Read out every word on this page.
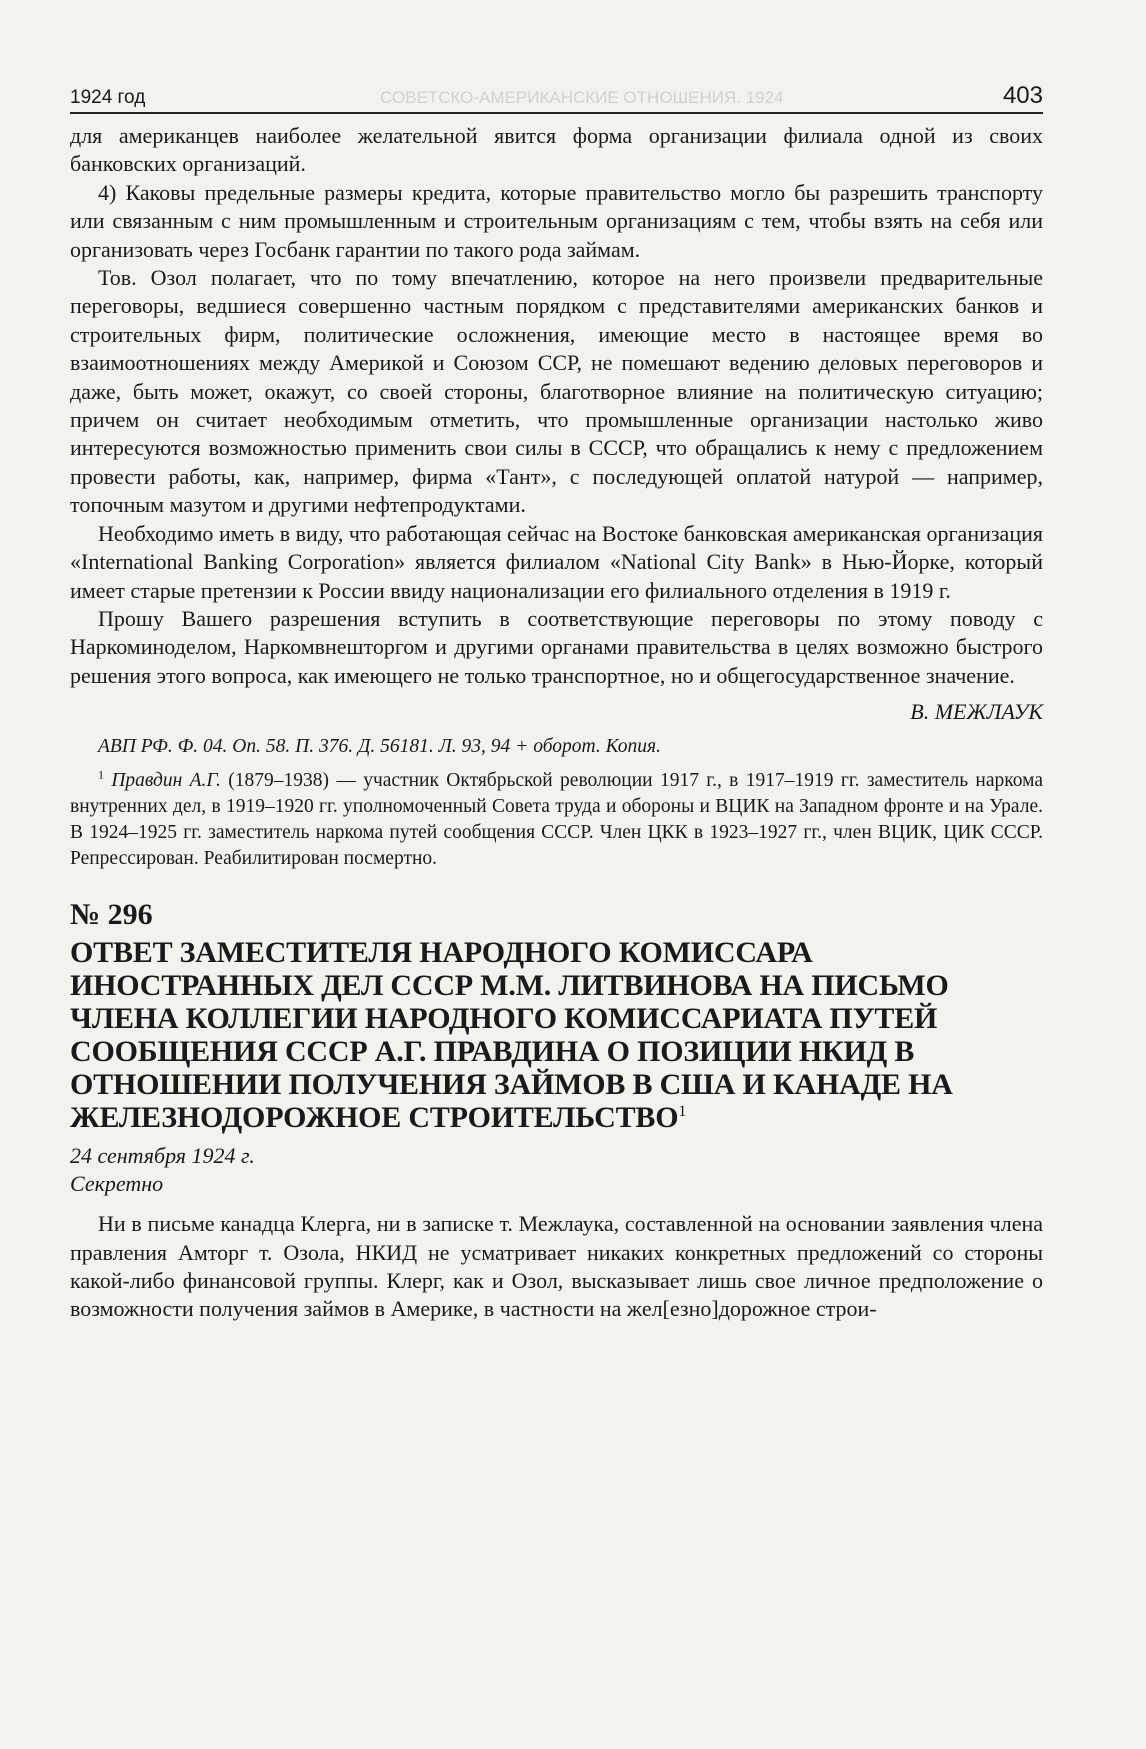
СОВЕТСКО-АМЕРИКАНСКИЕ ОТНОШЕНИЯ. 1924
1924 год	403

для американцев наиболее желательной явится форма организации филиала одной из своих банковских организаций.

4) Каковы предельные размеры кредита, которые правительство могло бы разрешить транспорту или связанным с ним промышленным и строительным организациям с тем, чтобы взять на себя или организовать через Госбанк гарантии по такого рода займам.

Тов. Озол полагает, что по тому впечатлению, которое на него произвели предварительные переговоры, ведшиеся совершенно частным порядком с представителями американских банков и строительных фирм, политические осложнения, имеющие место в настоящее время во взаимоотношениях между Америкой и Союзом ССР, не помешают ведению деловых переговоров и даже, быть может, окажут, со своей стороны, благотворное влияние на политическую ситуацию; причем он считает необходимым отметить, что промышленные организации настолько живо интересуются возможностью применить свои силы в СССР, что обращались к нему с предложением провести работы, как, например, фирма «Тант», с последующей оплатой натурой — например, топочным мазутом и другими нефтепродуктами.

Необходимо иметь в виду, что работающая сейчас на Востоке банковская американская организация «International Banking Corporation» является филиалом «National City Bank» в Нью-Йорке, который имеет старые претензии к России ввиду национализации его филиального отделения в 1919 г.

Прошу Вашего разрешения вступить в соответствующие переговоры по этому поводу с Наркоминоделом, Наркомвнешторгом и другими органами правительства в целях возможно быстрого решения этого вопроса, как имеющего не только транспортное, но и общегосударственное значение.

В. МЕЖЛАУК
АВП РФ. Ф. 04. Оп. 58. П. 376. Д. 56181. Л. 93, 94 + оборот. Копия.
$^1$ Правдин А.Г. (1879–1938) — участник Октябрьской революции 1917 г., в 1917–1919 гг. заместитель наркома внутренних дел, в 1919–1920 гг. уполномоченный Совета труда и обороны и ВЦИК на Западном фронте и на Урале. В 1924–1925 гг. заместитель наркома путей сообщения СССР. Член ЦКК в 1923–1927 гг., член ВЦИК, ЦИК СССР. Репрессирован. Реабилитирован посмертно.
№ 296
ОТВЕТ ЗАМЕСТИТЕЛЯ НАРОДНОГО КОМИССАРА ИНОСТРАННЫХ ДЕЛ СССР М.М. ЛИТВИНОВА НА ПИСЬМО ЧЛЕНА КОЛЛЕГИИ НАРОДНОГО КОМИССАРИАТА ПУТЕЙ СООБЩЕНИЯ СССР А.Г. ПРАВДИНА О ПОЗИЦИИ НКИД В ОТНОШЕНИИ ПОЛУЧЕНИЯ ЗАЙМОВ В США И КАНАДЕ НА ЖЕЛЕЗНОДОРОЖНОЕ СТРОИТЕЛЬСТВО$^1$
24 сентября 1924 г.
Секретно

Ни в письме канадца Клерга, ни в записке т. Межлаука, составленной на основании заявления члена правления Амторг т. Озола, НКИД не усматривает никаких конкретных предложений со стороны какой-либо финансовой группы. Клерг, как и Озол, высказывает лишь свое личное предположение о возможности получения займов в Америке, в частности на жел[езно]дорожное строи-
